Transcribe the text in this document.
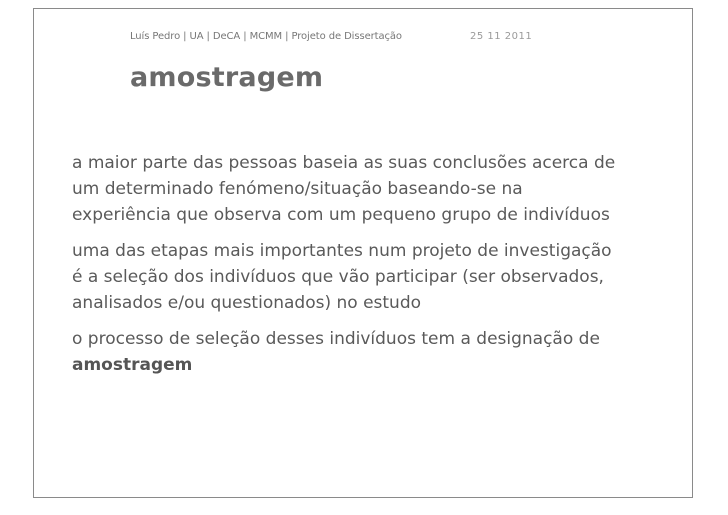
Luís Pedro | UA | DeCA | MCMM | Projeto de Dissertação	25 11 2011
amostragem

a maior parte das pessoas baseia as suas conclusões acerca de um determinado fenómeno/situação baseando-se na experiência que observa com um pequeno grupo de indivíduos

uma das etapas mais importantes num projeto de investigação é a seleção dos indivíduos que vão participar (ser observados, analisados e/ou questionados) no estudo

o processo de seleção desses indivíduos tem a designação de amostragem
